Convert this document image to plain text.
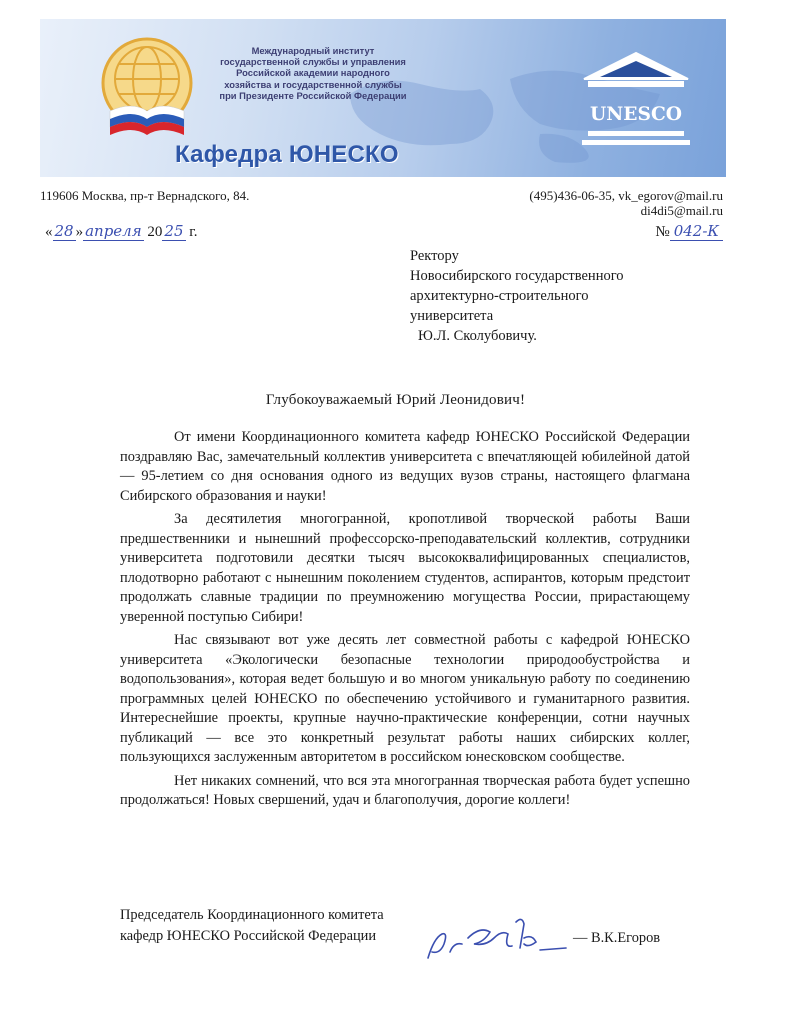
Международный институт
государственной службы и управления
Российской академии народного
хозяйства и государственной службы
при Президенте Российской Федерации
Кафедра ЮНЕСКО
UNESCO
119606 Москва, пр-т Вернадского, 84.	(495)436-06-35, vk_egorov@mail.ru
di4di5@mail.ru
« 28 » апреля 20 25 г.	№ 042-К
Ректору
Новосибирского государственного
архитектурно-строительного
университета
Ю.Л. Сколубовичу.
Глубокоуважаемый Юрий Леонидович!

От имени Координационного комитета кафедр ЮНЕСКО Российской Федерации поздравляю Вас, замечательный коллектив университета с впечатляющей юбилейной датой — 95-летием со дня основания одного из ведущих вузов страны, настоящего флагмана Сибирского образования и науки!

За десятилетия многогранной, кропотливой творческой работы Ваши предшественники и нынешний профессорско-преподавательский коллектив, сотрудники университета подготовили десятки тысяч высококвалифицированных специалистов, плодотворно работают с нынешним поколением студентов, аспирантов, которым предстоит продолжать славные традиции по преумножению могущества России, прирастающему уверенной поступью Сибири!

Нас связывают вот уже десять лет совместной работы с кафедрой ЮНЕСКО университета «Экологически безопасные технологии природообустройства и водопользования», которая ведет большую и во многом уникальную работу по соединению программных целей ЮНЕСКО по обеспечению устойчивого и гуманитарного развития. Интереснейшие проекты, крупные научно-практические конференции, сотни научных публикаций — все это конкретный результат работы наших сибирских коллег, пользующихся заслуженным авторитетом в российском юнесковском сообществе.

Нет никаких сомнений, что вся эта многогранная творческая работа будет успешно продолжаться! Новых свершений, удач и благополучия, дорогие коллеги!

Председатель Координационного комитета
кафедр ЮНЕСКО Российской Федерации	— В.К.Егоров
